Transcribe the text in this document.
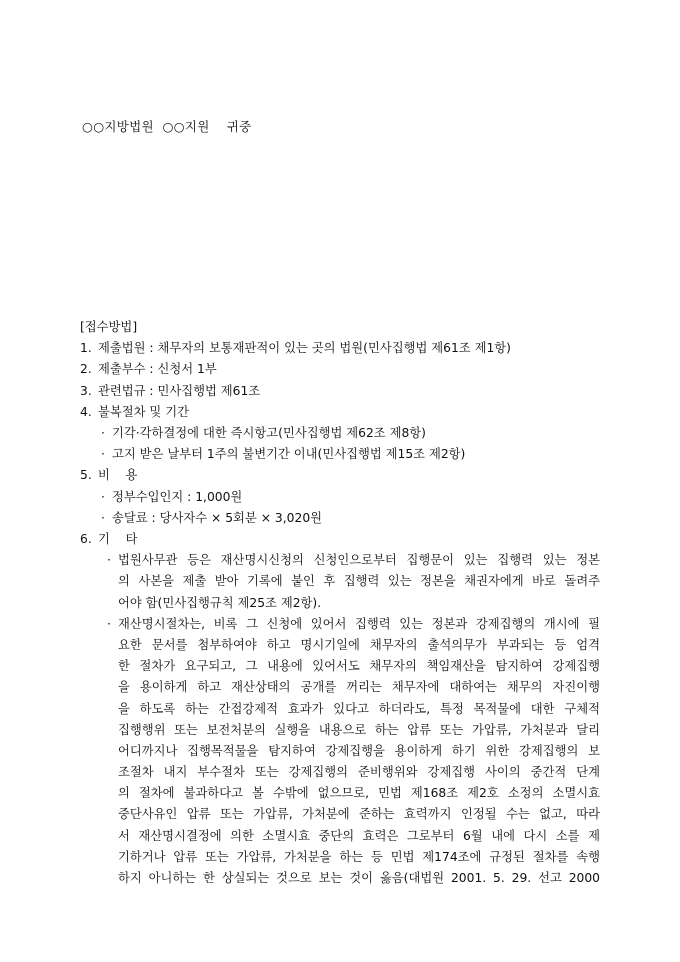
○○지방법원  ○○지원    귀중
[접수방법]
1. 제출법원 : 채무자의 보통재판적이 있는 곳의 법원(민사집행법 제61조 제1항)
2. 제출부수 : 신청서 1부
3. 관련법규 : 민사집행법 제61조
4. 불복절차 및 기간
· 기각·각하결정에 대한 즉시항고(민사집행법 제62조 제8항)
· 고지 받은 날부터 1주의 불변기간 이내(민사집행법 제15조 제2항)
5. 비    용
· 정부수입인지 : 1,000원
· 송달료 : 당사자수 × 5회분 × 3,020원
6. 기    타
· 법원사무관 등은 재산명시신청의 신청인으로부터 집행문이 있는 집행력 있는 정본
의 사본을 제출 받아 기록에 붙인 후 집행력 있는 정본을 채권자에게 바로 돌려주
어야 함(민사집행규칙 제25조 제2항).
· 재산명시절차는, 비록 그 신청에 있어서 집행력 있는 정본과 강제집행의 개시에 필
요한 문서를 첨부하여야 하고 명시기일에 채무자의 출석의무가 부과되는 등 엄격
한 절차가 요구되고, 그 내용에 있어서도 채무자의 책임재산을 탐지하여 강제집행
을 용이하게 하고 재산상태의 공개를 꺼리는 채무자에 대하여는 채무의 자진이행
을 하도록 하는 간접강제적 효과가 있다고 하더라도, 특정 목적물에 대한 구체적
집행행위 또는 보전처분의 실행을 내용으로 하는 압류 또는 가압류, 가처분과 달리
어디까지나 집행목적물을 탐지하여 강제집행을 용이하게 하기 위한 강제집행의 보
조절차 내지 부수절차 또는 강제집행의 준비행위와 강제집행 사이의 중간적 단계
의 절차에 불과하다고 볼 수밖에 없으므로, 민법 제168조 제2호 소정의 소멸시효
중단사유인 압류 또는 가압류, 가처분에 준하는 효력까지 인정될 수는 없고, 따라
서 재산명시결정에 의한 소멸시효 중단의 효력은 그로부터 6월 내에 다시 소를 제
기하거나 압류 또는 가압류, 가처분을 하는 등 민법 제174조에 규정된 절차를 속행
하지 아니하는 한 상실되는 것으로 보는 것이 옳음(대법원 2001. 5. 29. 선고 2000
